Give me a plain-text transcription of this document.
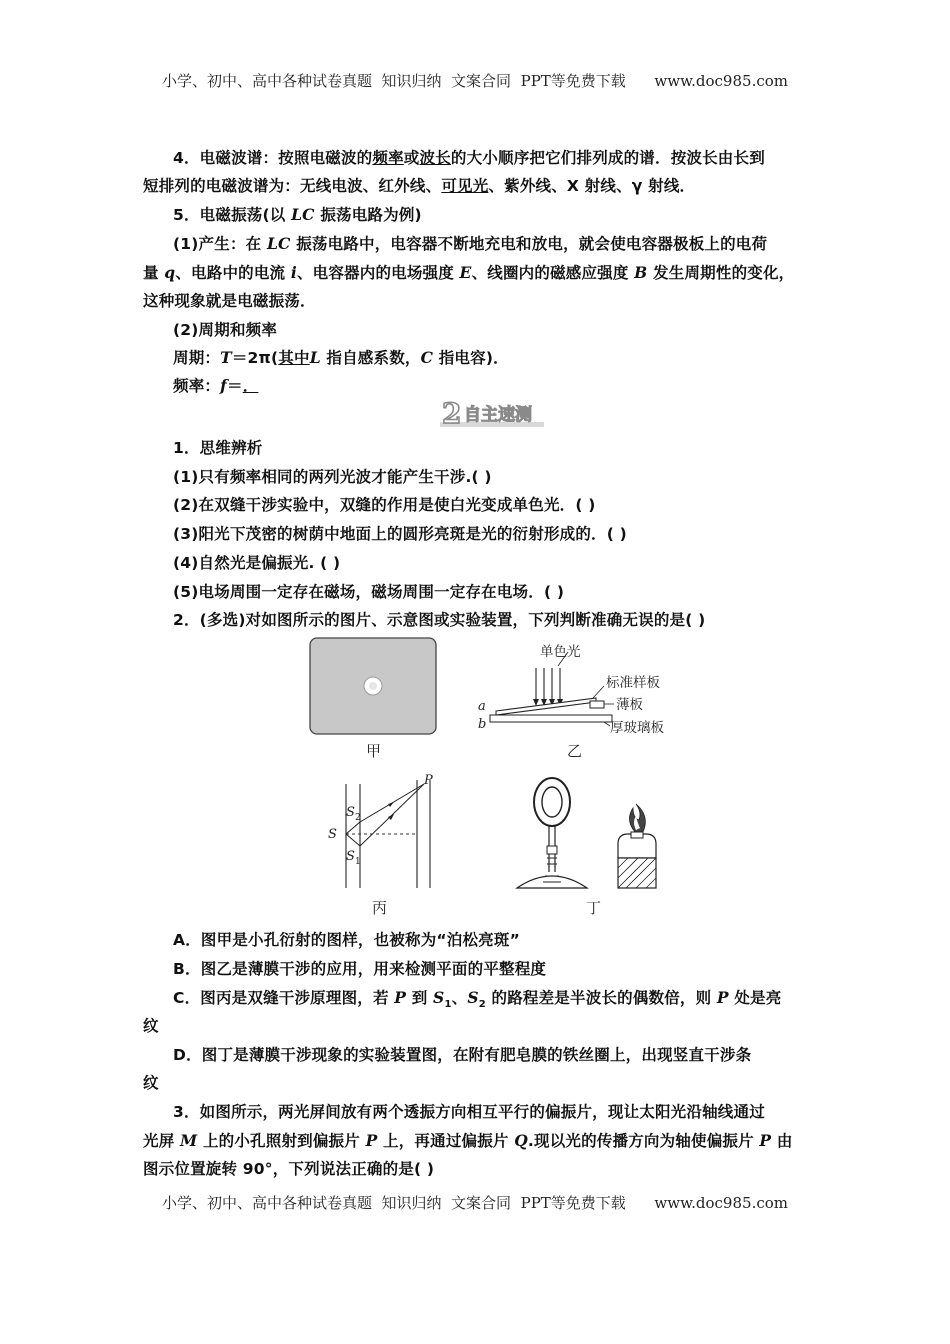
小学、初中、高中各种试卷真题  知识归纳  文案合同  PPT等免费下载      www.doc985.com
4．电磁波谱：按照电磁波的频率或波长的大小顺序把它们排列成的谱．按波长由长到
短排列的电磁波谱为：无线电波、红外线、可见光、紫外线、X 射线、γ 射线．
5．电磁振荡(以 LC 振荡电路为例)
(1)产生：在 LC 振荡电路中，电容器不断地充电和放电，就会使电容器极板上的电荷
量 q、电路中的电流 i、电容器内的电场强度 E、线圈内的磁感应强度 B 发生周期性的变化，
这种现象就是电磁振荡．
(2)周期和频率
周期：T＝2π(其中L 指自感系数，C 指电容)．
频率：f＝．
2 自主速测
1．思维辨析
(1)只有频率相同的两列光波才能产生干涉.( )
(2)在双缝干涉实验中，双缝的作用是使白光变成单色光．( )
(3)阳光下茂密的树荫中地面上的圆形亮斑是光的衍射形成的．( )
(4)自然光是偏振光. ( )
(5)电场周围一定存在磁场，磁场周围一定存在电场．( )
2．(多选)对如图所示的图片、示意图或实验装置，下列判断准确无误的是( )
甲
单色光
a
b
标准样板
薄板
厚玻璃板
乙
S
S 2
S 1
P
丙	丁
A．图甲是小孔衍射的图样，也被称为“泊松亮斑”
B．图乙是薄膜干涉的应用，用来检测平面的平整程度
C．图丙是双缝干涉原理图，若 P 到 $S_1$、$S_2$ 的路程差是半波长的偶数倍，则 P 处是亮
纹
D．图丁是薄膜干涉现象的实验装置图，在附有肥皂膜的铁丝圈上，出现竖直干涉条
纹
3．如图所示，两光屏间放有两个透振方向相互平行的偏振片，现让太阳光沿轴线通过
光屏 M 上的小孔照射到偏振片 P 上，再通过偏振片 Q.现以光的传播方向为轴使偏振片 P 由
图示位置旋转 90°，下列说法正确的是( )
小学、初中、高中各种试卷真题  知识归纳  文案合同  PPT等免费下载      www.doc985.com
